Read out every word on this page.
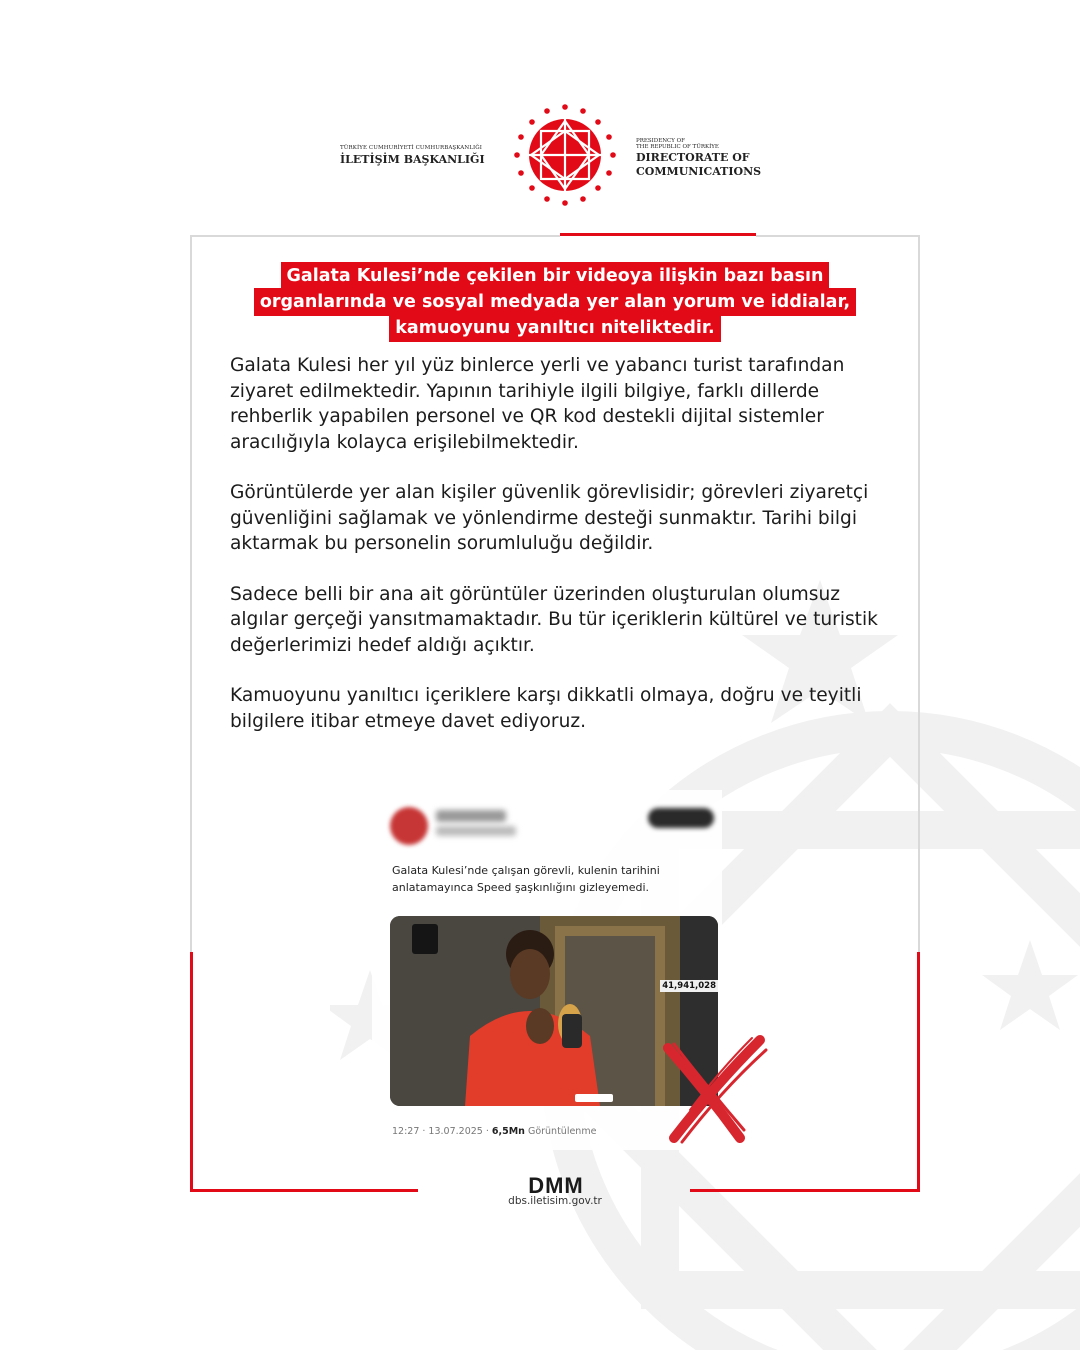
TÜRKİYE CUMHURİYETİ CUMHURBAŞKANLIĞI
İLETİŞİM BAŞKANLIĞI
PRESIDENCY OF
THE REPUBLIC OF TÜRKİYE
DIRECTORATE OF
COMMUNICATIONS
Galata Kulesi’nde çekilen bir videoya ilişkin bazı basın
organlarında ve sosyal medyada yer alan yorum ve iddialar,
kamuoyunu yanıltıcı niteliktedir.

Galata Kulesi her yıl yüz binlerce yerli ve yabancı turist tarafından ziyaret edilmektedir. Yapının tarihiyle ilgili bilgiye, farklı dillerde rehberlik yapabilen personel ve QR kod destekli dijital sistemler aracılığıyla kolayca erişilebilmektedir.

Görüntülerde yer alan kişiler güvenlik görevlisidir; görevleri ziyaretçi güvenliğini sağlamak ve yönlendirme desteği sunmaktır. Tarihi bilgi aktarmak bu personelin sorumluluğu değildir.

Sadece belli bir ana ait görüntüler üzerinden oluşturulan olumsuz algılar gerçeği yansıtmamaktadır. Bu tür içeriklerin kültürel ve turistik değerlerimizi hedef aldığı açıktır.

Kamuoyunu yanıltıcı içeriklere karşı dikkatli olmaya, doğru ve teyitli bilgilere itibar etmeye davet ediyoruz.

Galata Kulesi’nde çalışan görevli, kulenin tarihini
anlatamayınca Speed şaşkınlığını gizleyemedi.
41,941,028
12:27 · 13.07.2025 · 6,5Mn Görüntülenme
DMM
dbs.iletisim.gov.tr
